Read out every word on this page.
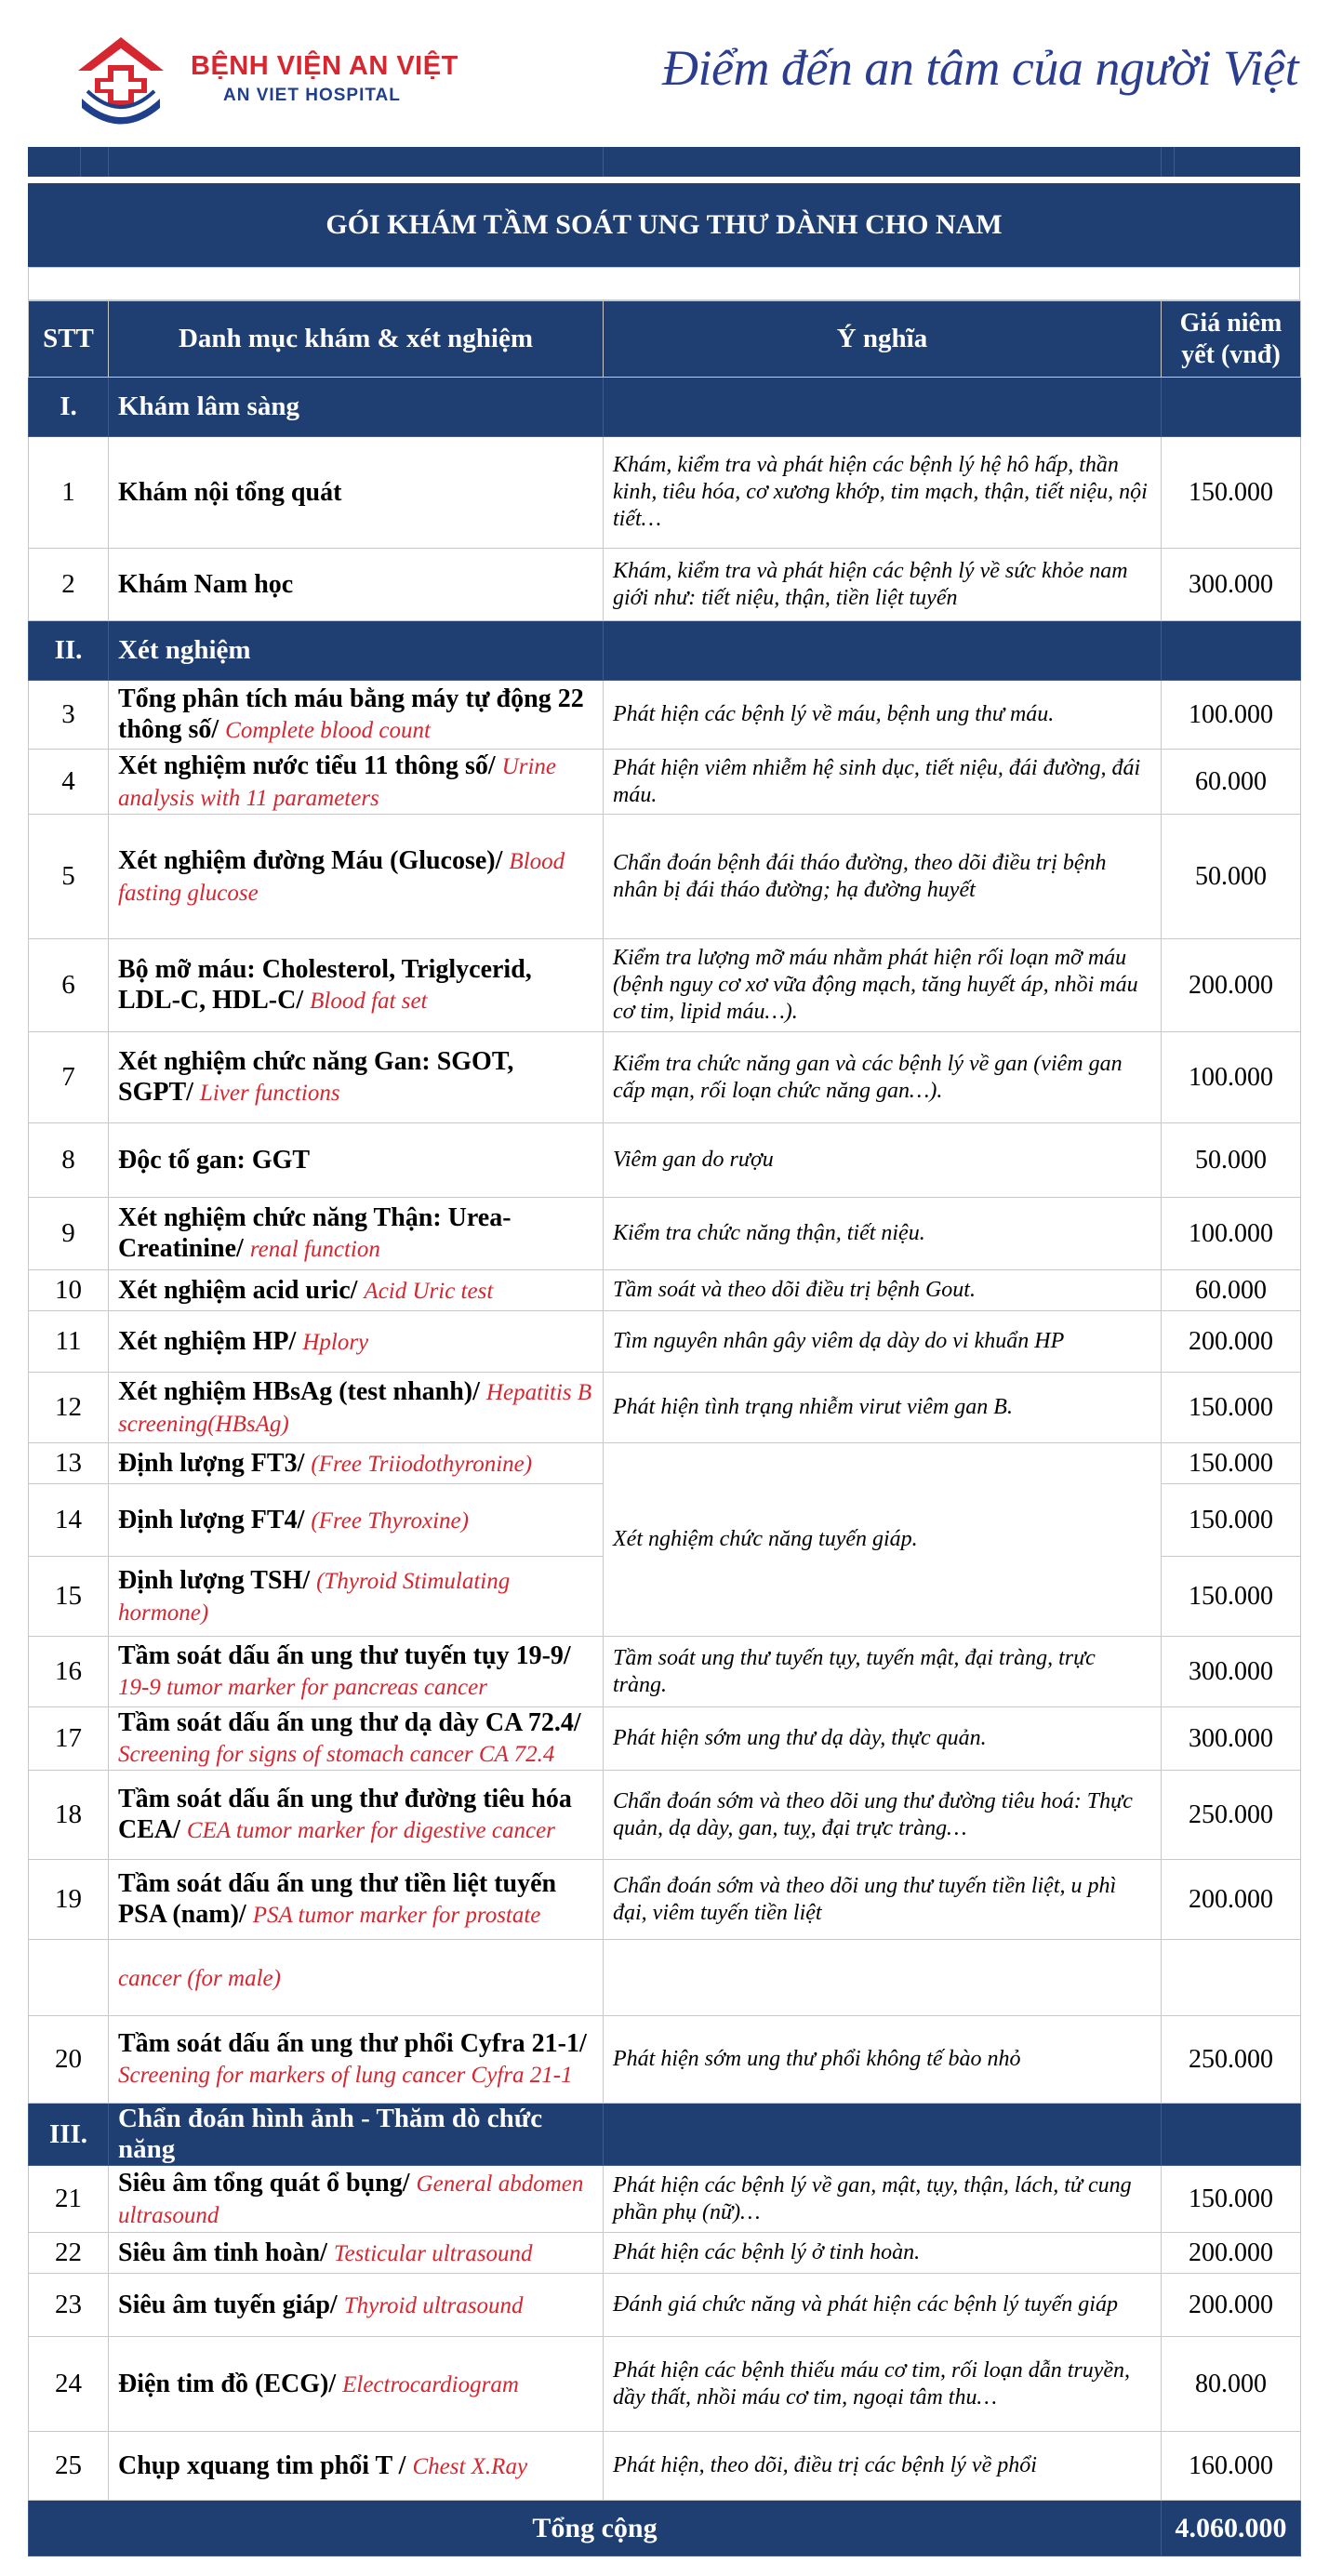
BỆNH VIỆN AN VIỆT
AN VIET HOSPITAL	Điểm đến an tâm của người Việt
GÓI KHÁM TẦM SOÁT UNG THƯ DÀNH CHO NAM
STT	Danh mục khám & xét nghiệm	Ý nghĩa	Giá niêm
yết (vnđ)
I.	Khám lâm sàng		
1	Khám nội tổng quát	Khám, kiểm tra và phát hiện các bệnh lý hệ hô hấp, thần kinh, tiêu hóa, cơ xương khớp, tim mạch, thận, tiết niệu, nội tiết…	150.000
2	Khám Nam học	Khám, kiểm tra và phát hiện các bệnh lý về sức khỏe nam giới như: tiết niệu, thận, tiền liệt tuyến	300.000
II.	Xét nghiệm		
3	Tổng phân tích máu bằng máy tự động 22 thông số/ Complete blood count	Phát hiện các bệnh lý về máu, bệnh ung thư máu.	100.000
4	Xét nghiệm nước tiểu 11 thông số/ Urine analysis with 11 parameters	Phát hiện viêm nhiễm hệ sinh dục, tiết niệu, đái đường, đái máu.	60.000
5	Xét nghiệm đường Máu (Glucose)/ Blood fasting glucose	Chẩn đoán bệnh đái tháo đường, theo dõi điều trị bệnh nhân bị đái tháo đường; hạ đường huyết	50.000
6	Bộ mỡ máu: Cholesterol, Triglycerid, LDL-C, HDL-C/ Blood fat set	Kiểm tra lượng mỡ máu nhằm phát hiện rối loạn mỡ máu (bệnh nguy cơ xơ vữa động mạch, tăng huyết áp, nhồi máu cơ tim, lipid máu…).	200.000
7	Xét nghiệm chức năng Gan: SGOT, SGPT/ Liver functions	Kiểm tra chức năng gan và các bệnh lý về gan (viêm gan cấp mạn, rối loạn chức năng gan…).	100.000
8	Độc tố gan: GGT	Viêm gan do rượu	50.000
9	Xét nghiệm chức năng Thận: Urea-Creatinine/ renal function	Kiểm tra chức năng thận, tiết niệu.	100.000
10	Xét nghiệm acid uric/ Acid Uric test	Tầm soát và theo dõi điều trị bệnh Gout.	60.000
11	Xét nghiệm HP/ Hplory	Tìm nguyên nhân gây viêm dạ dày do vi khuẩn HP	200.000
12	Xét nghiệm HBsAg (test nhanh)/ Hepatitis B screening(HBsAg)	Phát hiện tình trạng nhiễm virut viêm gan B.	150.000
13	Định lượng FT3/ (Free Triiodothyronine)	Xét nghiệm chức năng tuyến giáp.	150.000
14	Định lượng FT4/ (Free Thyroxine)		150.000
15	Định lượng TSH/ (Thyroid Stimulating hormone)		150.000
16	Tầm soát dấu ấn ung thư tuyến tụy 19-9/ 19-9 tumor marker for pancreas cancer	Tầm soát ung thư tuyến tụy, tuyến mật, đại tràng, trực tràng.	300.000
17	Tầm soát dấu ấn ung thư dạ dày CA 72.4/ Screening for signs of stomach cancer CA 72.4	Phát hiện sớm ung thư dạ dày, thực quản.	300.000
18	Tầm soát dấu ấn ung thư đường tiêu hóa CEA/ CEA tumor marker for digestive cancer	Chẩn đoán sớm và theo dõi ung thư đường tiêu hoá: Thực quản, dạ dày, gan, tuỵ, đại trực tràng…	250.000
19	Tầm soát dấu ấn ung thư tiền liệt tuyến PSA (nam)/ PSA tumor marker for prostate	Chẩn đoán sớm và theo dõi ung thư tuyến tiền liệt, u phì đại, viêm tuyến tiền liệt	200.000
	cancer (for male)		
20	Tầm soát dấu ấn ung thư phổi Cyfra 21-1/ Screening for markers of lung cancer Cyfra 21-1	Phát hiện sớm ung thư phổi không tế bào nhỏ	250.000
III.	Chẩn đoán hình ảnh - Thăm dò chức năng		
21	Siêu âm tổng quát ổ bụng/ General abdomen ultrasound	Phát hiện các bệnh lý về gan, mật, tụy, thận, lách, tử cung phần phụ (nữ)…	150.000
22	Siêu âm tinh hoàn/ Testicular ultrasound	Phát hiện các bệnh lý ở tinh hoàn.	200.000
23	Siêu âm tuyến giáp/ Thyroid ultrasound	Đánh giá chức năng và phát hiện các bệnh lý tuyến giáp	200.000
24	Điện tim đồ (ECG)/ Electrocardiogram	Phát hiện các bệnh thiếu máu cơ tim, rối loạn dẫn truyền, dầy thất, nhồi máu cơ tim, ngoại tâm thu…	80.000
25	Chụp xquang tim phổi T / Chest X.Ray	Phát hiện, theo dõi, điều trị các bệnh lý về phổi	160.000
Tổng cộng			4.060.000
